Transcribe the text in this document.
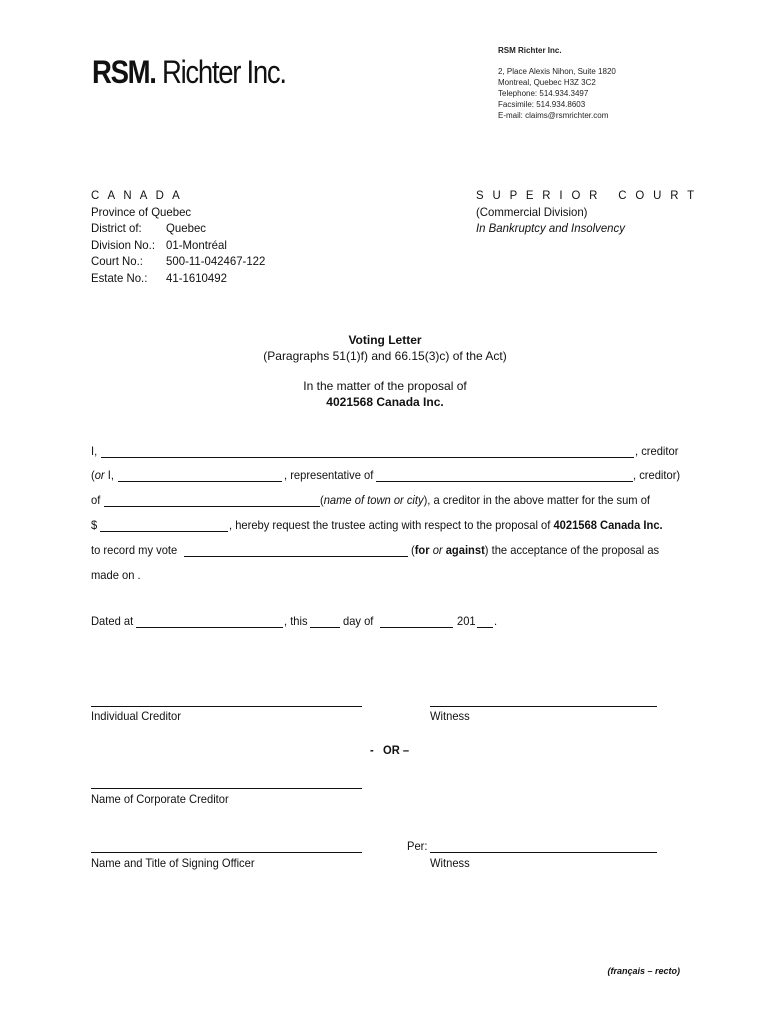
RSM. Richter Inc.
RSM Richter Inc.
2, Place Alexis Nihon, Suite 1820
Montreal, Quebec H3Z 3C2
Telephone: 514.934.3497
Facsimile: 514.934.8603
E-mail: claims@rsmrichter.com
C A N A D A
Province of Quebec
District of: Quebec
Division No.: 01-Montréal
Court No.: 500-11-042467-122
Estate No.: 41-1610492
S U P E R I O R   C O U R T
(Commercial Division)
In Bankruptcy and Insolvency
Voting Letter
(Paragraphs 51(1)f) and 66.15(3)c) of the Act)
In the matter of the proposal of
4021568 Canada Inc.
I,	, creditor
(or I,	, representative of	, creditor)
of	(name of town or city), a creditor in the above matter for the sum of
$	, hereby request the trustee acting with respect to the proposal of 4021568 Canada Inc.
to record my vote	(for or against) the acceptance of the proposal as
made on .
Dated at	, this	day of	201 .
Individual Creditor	Witness
-   OR –
Name of Corporate Creditor
Name and Title of Signing Officer
Per:
Witness
(français – recto)
